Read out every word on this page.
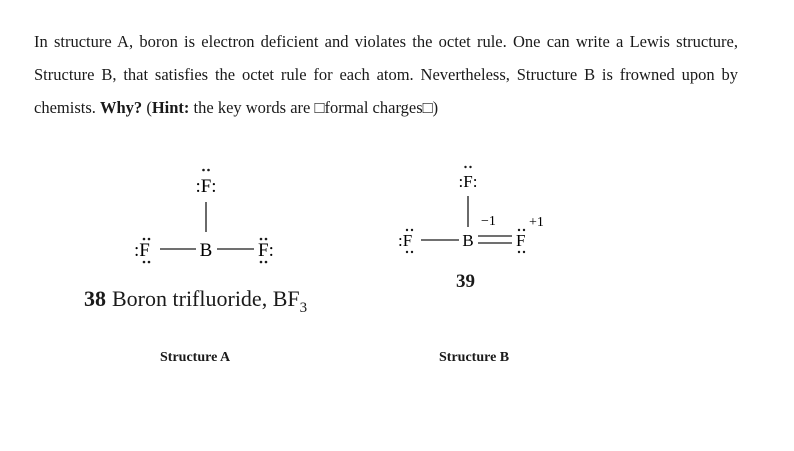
In structure A, boron is electron deficient and violates the octet rule. One can write a Lewis structure, Structure B, that satisfies the octet rule for each atom. Nevertheless, Structure B is frowned upon by chemists. Why? (Hint: the key words are □formal charges□)

:F:
:F	B F:
38 Boron trifluoride, $BF_3$
:F:
−1
:F	B F
+1
39
Structure A	Structure B
